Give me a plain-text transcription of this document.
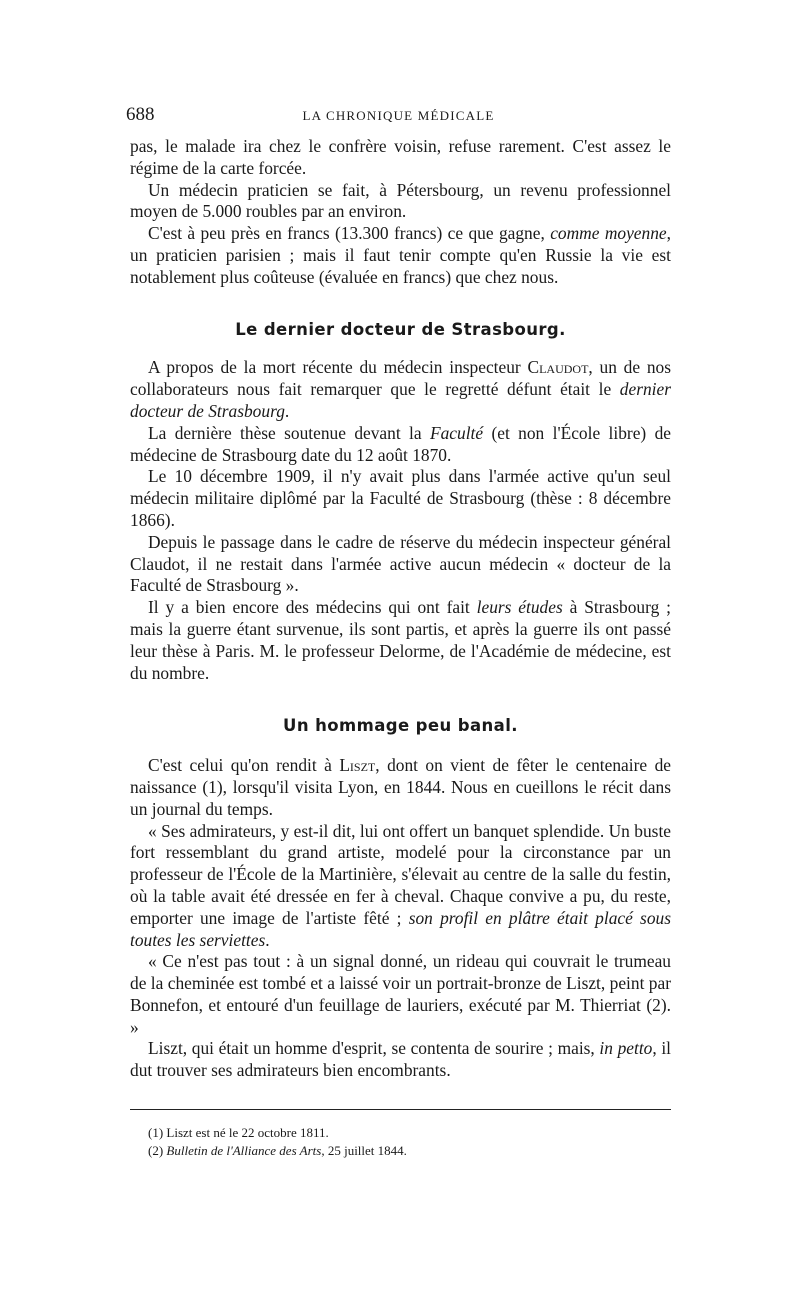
688	LA CHRONIQUE MÉDICALE

pas, le malade ira chez le confrère voisin, refuse rarement. C'est assez le régime de la carte forcée.

Un médecin praticien se fait, à Pétersbourg, un revenu professionnel moyen de 5.000 roubles par an environ.

C'est à peu près en francs (13.300 francs) ce que gagne, comme moyenne, un praticien parisien ; mais il faut tenir compte qu'en Russie la vie est notablement plus coûteuse (évaluée en francs) que chez nous.

Le dernier docteur de Strasbourg.

A propos de la mort récente du médecin inspecteur Claudot, un de nos collaborateurs nous fait remarquer que le regretté défunt était le dernier docteur de Strasbourg.

La dernière thèse soutenue devant la Faculté (et non l'École libre) de médecine de Strasbourg date du 12 août 1870.

Le 10 décembre 1909, il n'y avait plus dans l'armée active qu'un seul médecin militaire diplômé par la Faculté de Strasbourg (thèse : 8 décembre 1866).

Depuis le passage dans le cadre de réserve du médecin inspecteur général Claudot, il ne restait dans l'armée active aucun médecin « docteur de la Faculté de Strasbourg ».

Il y a bien encore des médecins qui ont fait leurs études à Strasbourg ; mais la guerre étant survenue, ils sont partis, et après la guerre ils ont passé leur thèse à Paris. M. le professeur Delorme, de l'Académie de médecine, est du nombre.

Un hommage peu banal.

C'est celui qu'on rendit à Liszt, dont on vient de fêter le centenaire de naissance (1), lorsqu'il visita Lyon, en 1844. Nous en cueillons le récit dans un journal du temps.

« Ses admirateurs, y est-il dit, lui ont offert un banquet splendide. Un buste fort ressemblant du grand artiste, modelé pour la circonstance par un professeur de l'École de la Martinière, s'élevait au centre de la salle du festin, où la table avait été dressée en fer à cheval. Chaque convive a pu, du reste, emporter une image de l'artiste fêté ; son profil en plâtre était placé sous toutes les serviettes.

« Ce n'est pas tout : à un signal donné, un rideau qui couvrait le trumeau de la cheminée est tombé et a laissé voir un portrait-bronze de Liszt, peint par Bonnefon, et entouré d'un feuillage de lauriers, exécuté par M. Thierriat (2). »

Liszt, qui était un homme d'esprit, se contenta de sourire ; mais, in petto, il dut trouver ses admirateurs bien encombrants.

(1) Liszt est né le 22 octobre 1811.
(2) Bulletin de l'Alliance des Arts, 25 juillet 1844.
